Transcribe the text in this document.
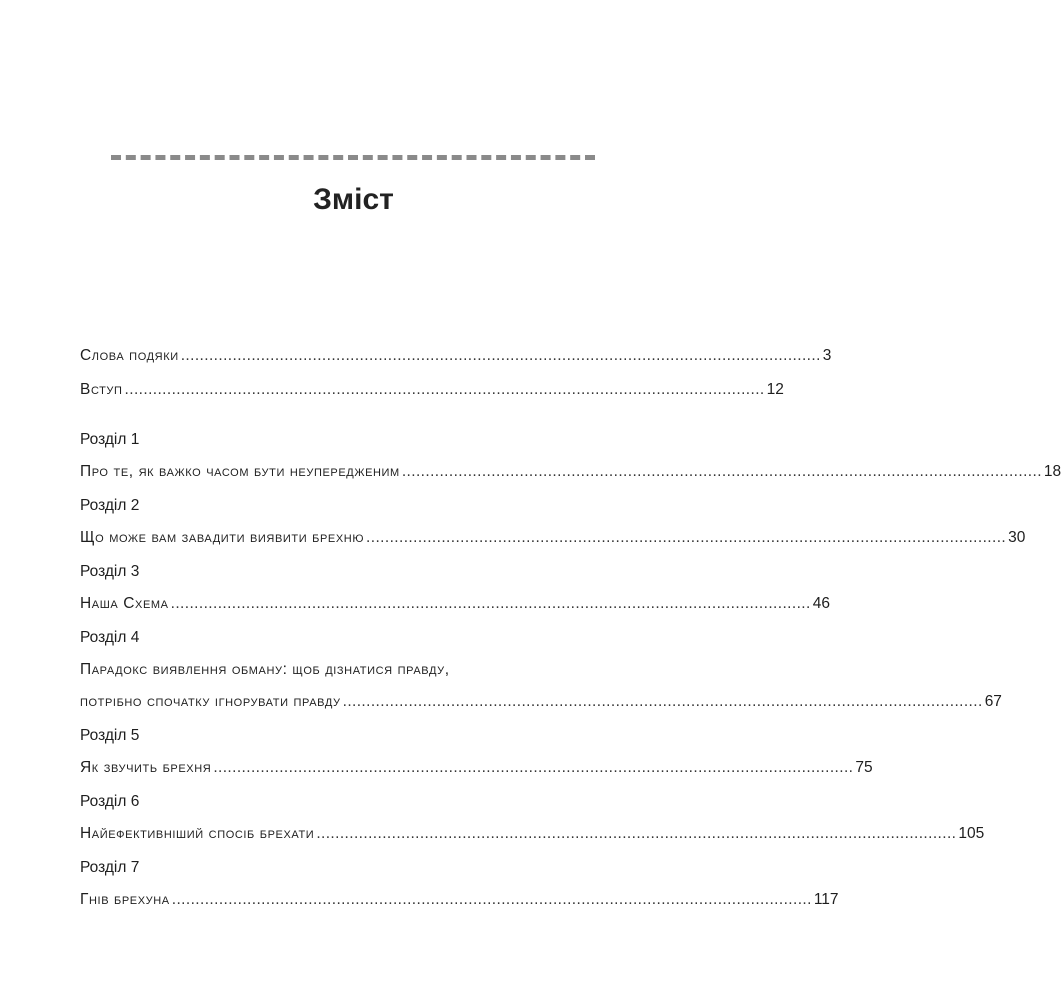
Зміст
Слова подяки ........................................................................................................................................ 3
Вступ ........................................................................................................................................ 12
Розділ 1
Про те, як важко часом бути неупередженим ........................................................................................................................................ 18
Розділ 2
Що може вам завадити виявити брехню ........................................................................................................................................ 30
Розділ 3
Наша Схема ........................................................................................................................................ 46
Розділ 4
Парадокс виявлення обману: щоб дізнатися правду,
потрібно спочатку ігнорувати правду ........................................................................................................................................ 67
Розділ 5
Як звучить брехня ........................................................................................................................................ 75
Розділ 6
Найефективніший спосіб брехати ........................................................................................................................................ 105
Розділ 7
Гнів брехуна ........................................................................................................................................ 117
